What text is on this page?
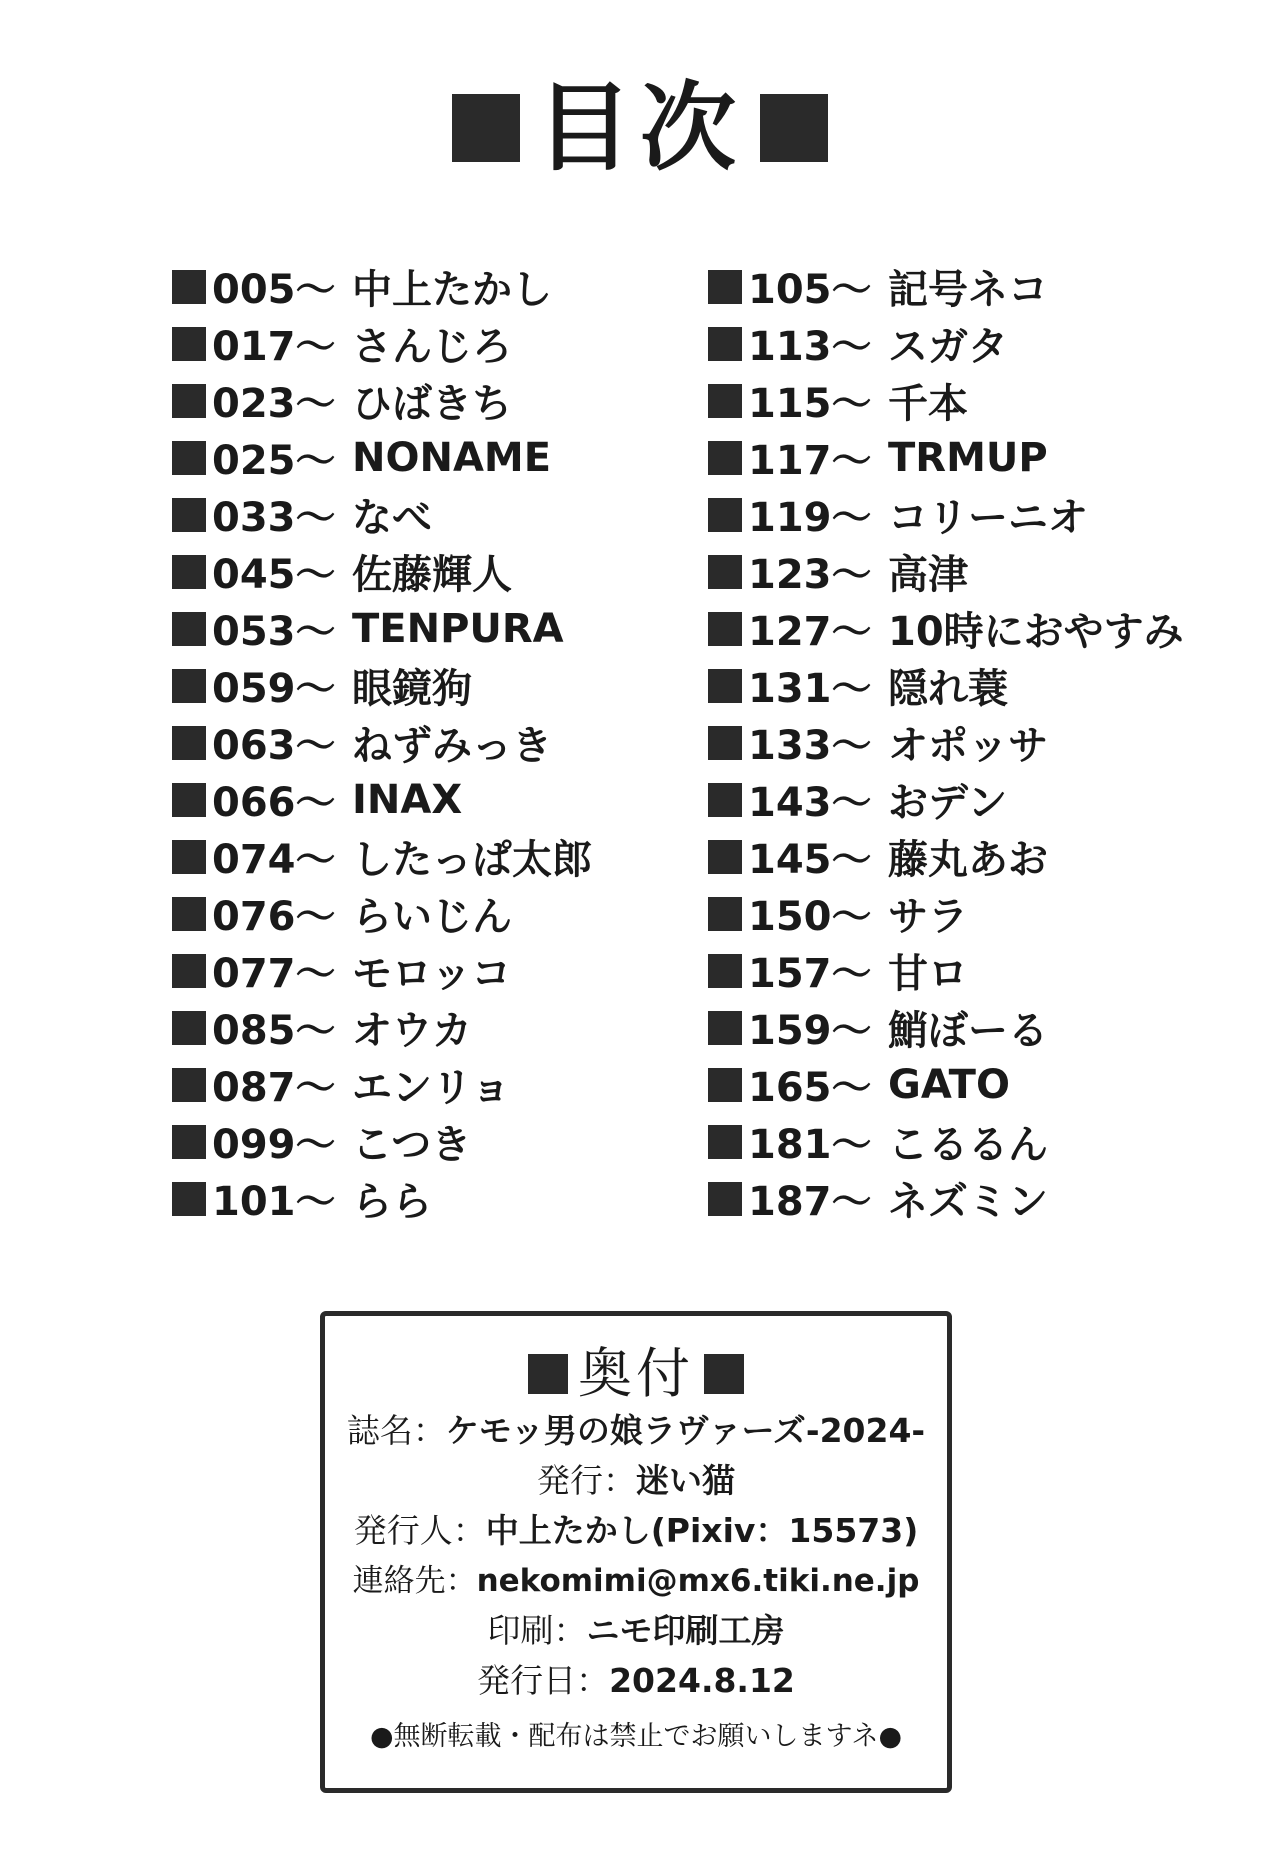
目次
005～ 中上たかし
017～ さんじろ
023～ ひばきち
025～ NONAME
033～ なべ
045～ 佐藤輝人
053～ TENPURA
059～ 眼鏡狗
063～ ねずみっき
066～ INAX
074～ したっぱ太郎
076～ らいじん
077～ モロッコ
085～ オウカ
087～ エンリョ
099～ こつき
101～ らら
105～ 記号ネコ
113～ スガタ
115～ 千本
117～ TRMUP
119～ コリーニオ
123～ 高津
127～ 10時におやすみ
131～ 隠れ蓑
133～ オポッサ
143～ おデン
145～ 藤丸あお
150～ サラ
157～ 甘ロ
159～ 鮹ぼーる
165～ GATO
181～ こるるん
187～ ネズミン
奥付
誌名：ケモッ男の娘ラヴァーズ-2024-
発行：迷い猫
発行人：中上たかし(Pixiv：15573)
連絡先：nekomimi@mx6.tiki.ne.jp
印刷：ニモ印刷工房
発行日：2024.8.12
●無断転載・配布は禁止でお願いしますネ●
